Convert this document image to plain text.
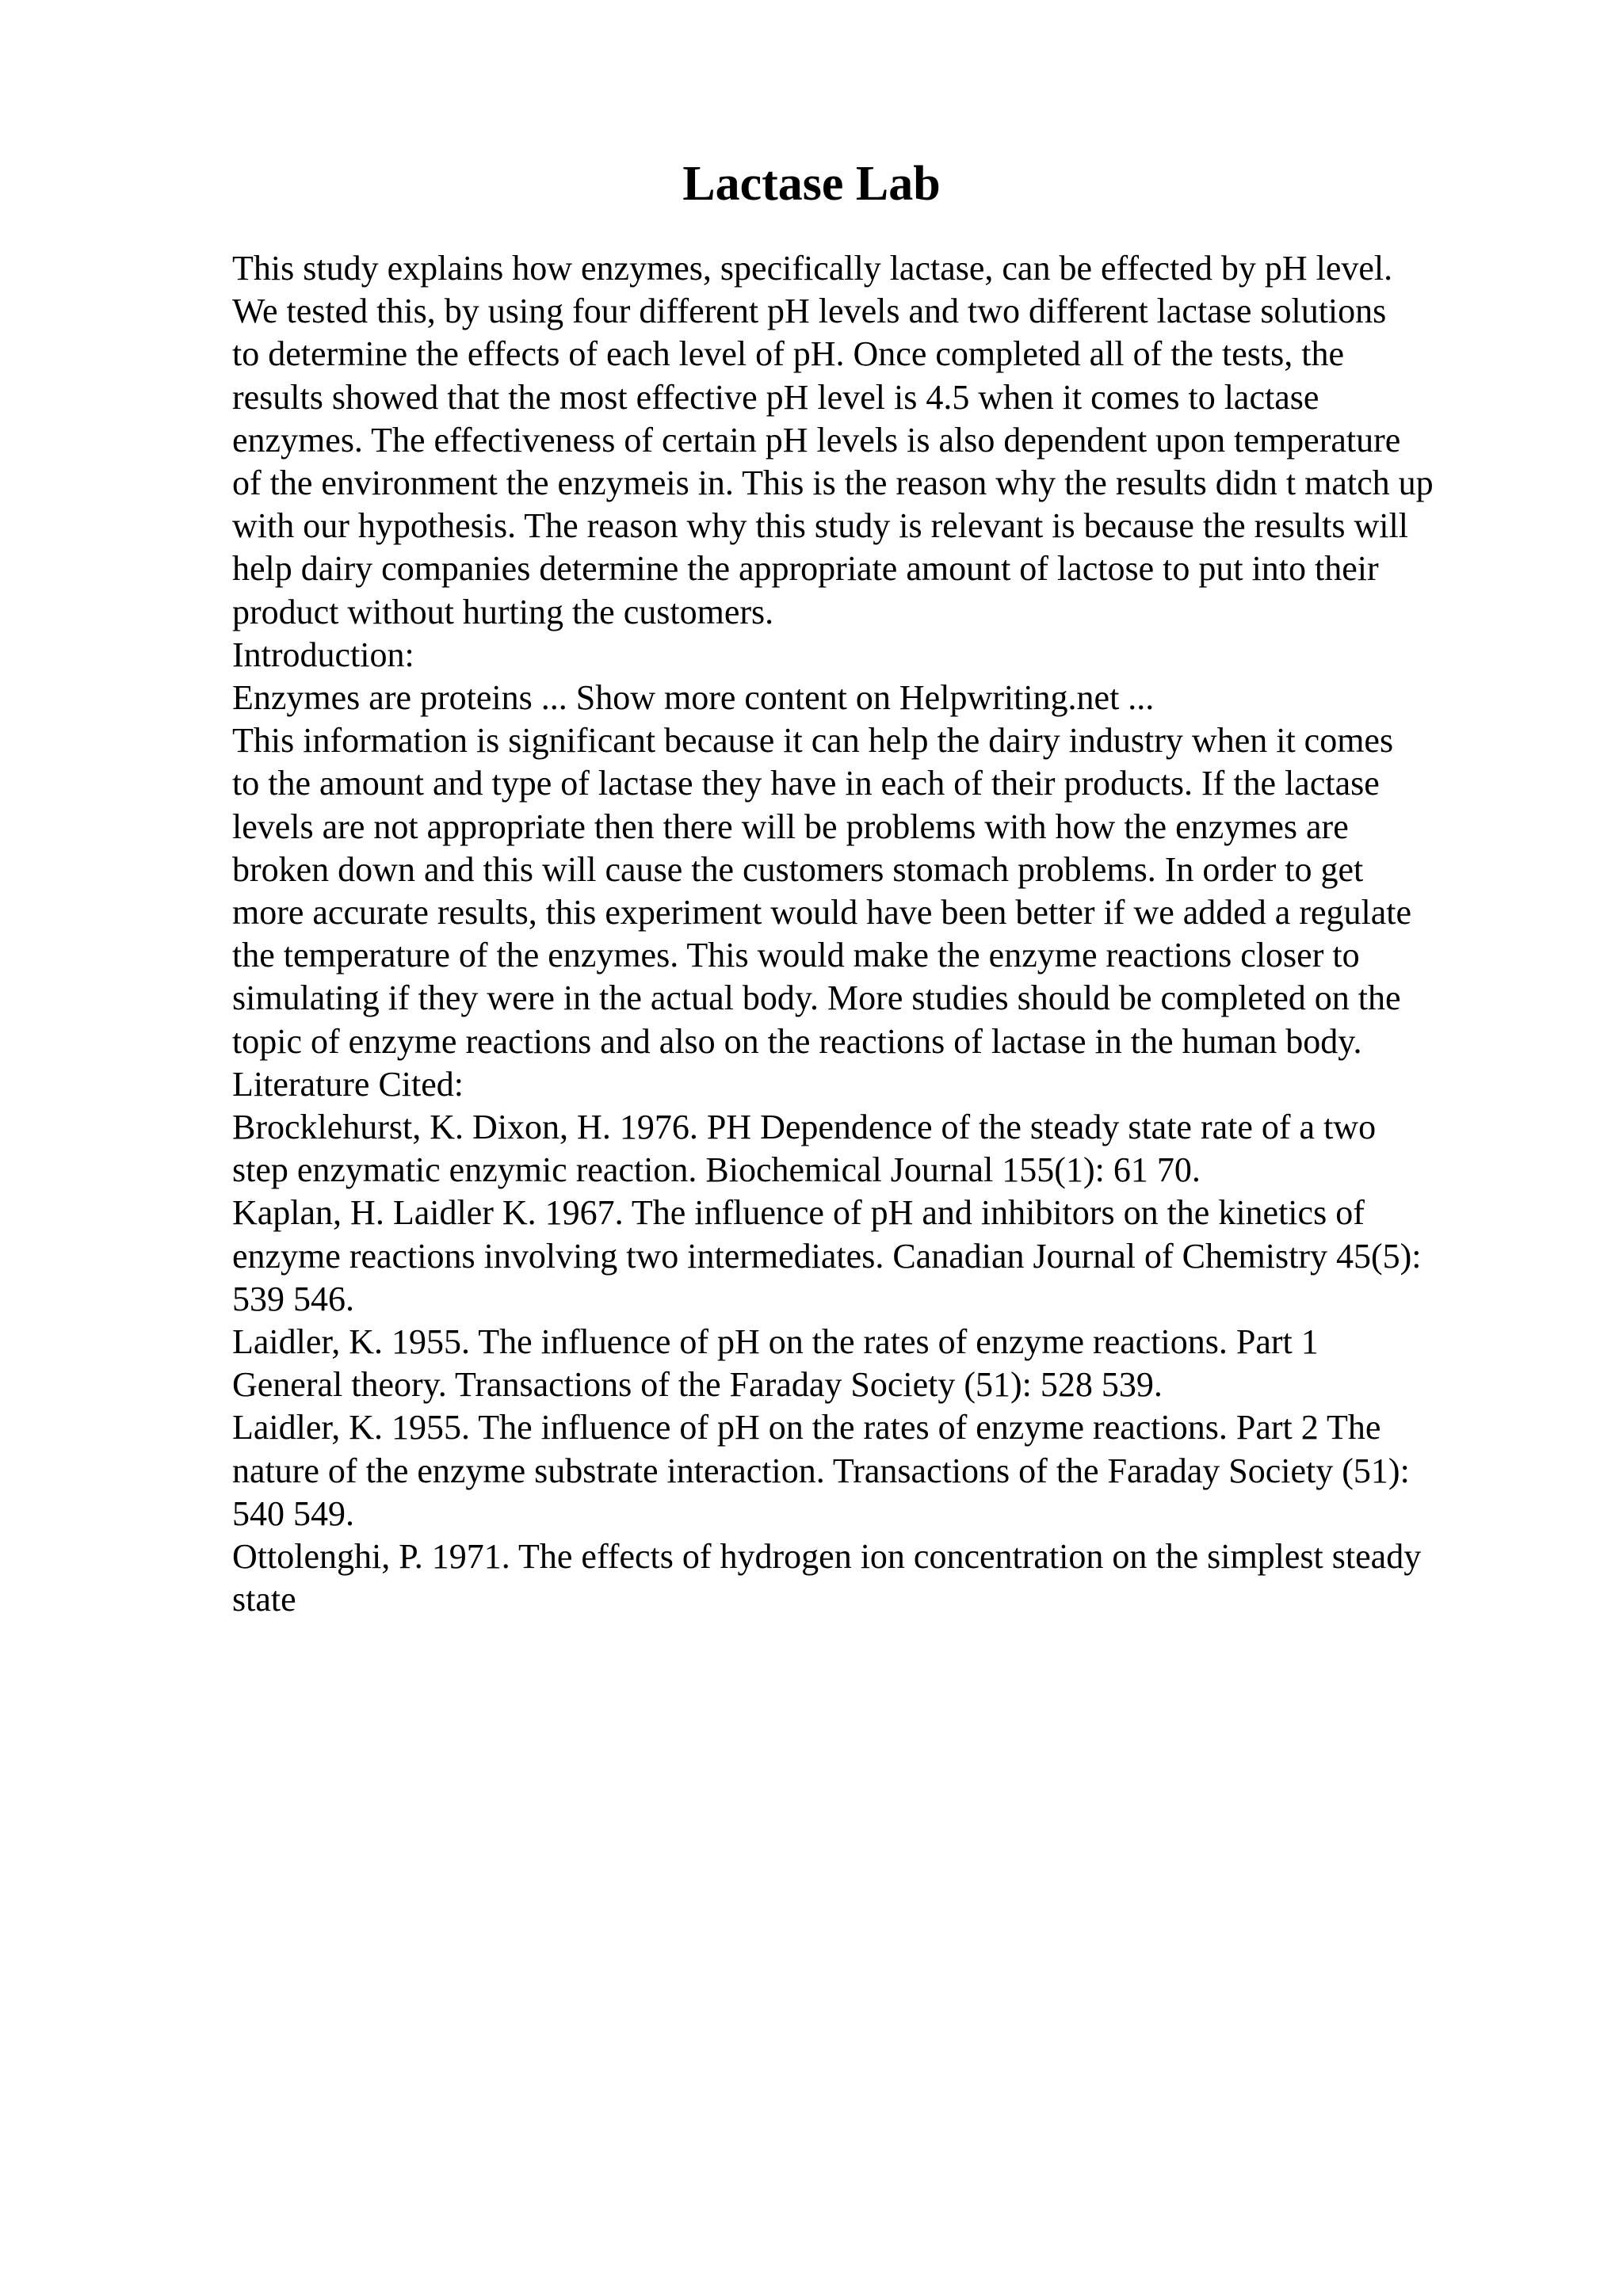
Lactase Lab
This study explains how enzymes, specifically lactase, can be effected by pH level.
We tested this, by using four different pH levels and two different lactase solutions
to determine the effects of each level of pH. Once completed all of the tests, the
results showed that the most effective pH level is 4.5 when it comes to lactase
enzymes. The effectiveness of certain pH levels is also dependent upon temperature
of the environment the enzymeis in. This is the reason why the results didn t match up
with our hypothesis. The reason why this study is relevant is because the results will
help dairy companies determine the appropriate amount of lactose to put into their
product without hurting the customers.
Introduction:
Enzymes are proteins ... Show more content on Helpwriting.net ...
This information is significant because it can help the dairy industry when it comes
to the amount and type of lactase they have in each of their products. If the lactase
levels are not appropriate then there will be problems with how the enzymes are
broken down and this will cause the customers stomach problems. In order to get
more accurate results, this experiment would have been better if we added a regulate
the temperature of the enzymes. This would make the enzyme reactions closer to
simulating if they were in the actual body. More studies should be completed on the
topic of enzyme reactions and also on the reactions of lactase in the human body.
Literature Cited:
Brocklehurst, K. Dixon, H. 1976. PH Dependence of the steady state rate of a two
step enzymatic enzymic reaction. Biochemical Journal 155(1): 61 70.
Kaplan, H. Laidler K. 1967. The influence of pH and inhibitors on the kinetics of
enzyme reactions involving two intermediates. Canadian Journal of Chemistry 45(5):
539 546.
Laidler, K. 1955. The influence of pH on the rates of enzyme reactions. Part 1
General theory. Transactions of the Faraday Society (51): 528 539.
Laidler, K. 1955. The influence of pH on the rates of enzyme reactions. Part 2 The
nature of the enzyme substrate interaction. Transactions of the Faraday Society (51):
540 549.
Ottolenghi, P. 1971. The effects of hydrogen ion concentration on the simplest steady
state
